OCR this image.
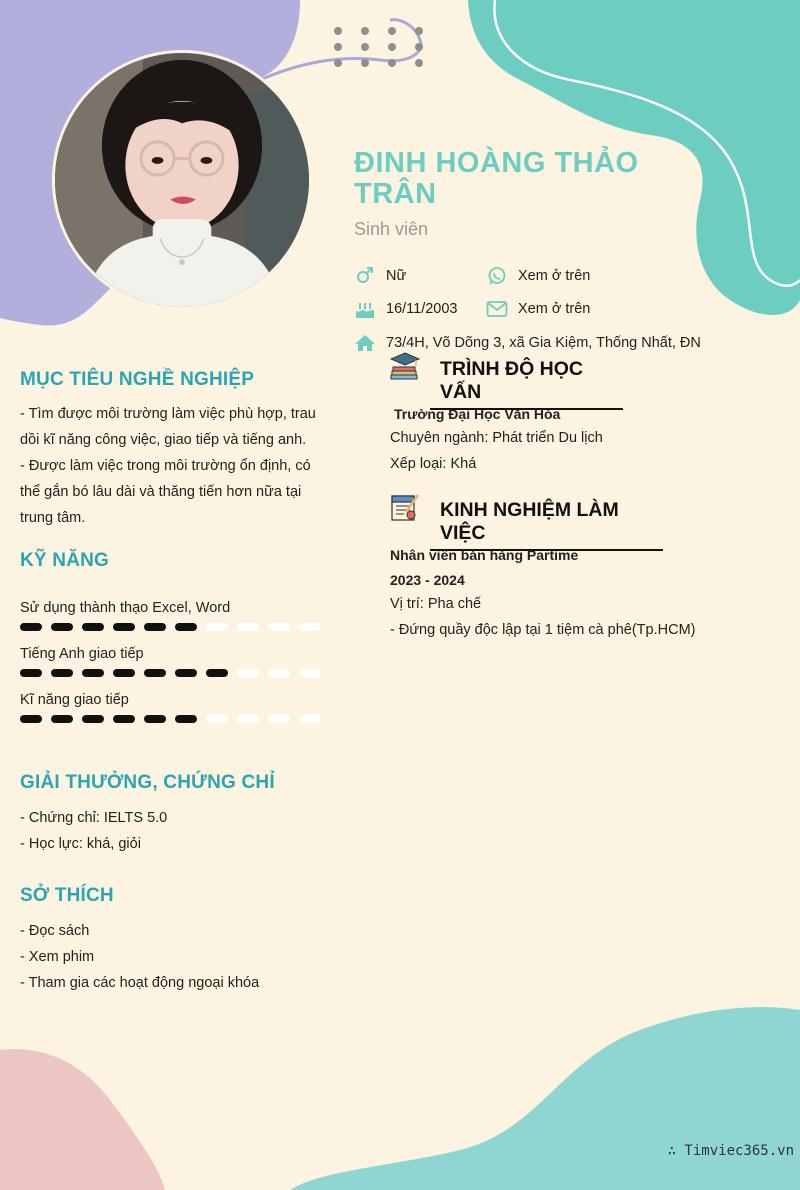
ĐINH HOÀNG THẢO TRÂN
Sinh viên
Nữ	Xem ở trên
16/11/2003	Xem ở trên
73/4H, Võ Dõng 3, xã Gia Kiệm, Thống Nhất, ĐN
MỤC TIÊU NGHỀ NGHIỆP
- Tìm được môi trường làm việc phù hợp, trau
dồi kĩ năng công việc, giao tiếp và tiếng anh.
- Được làm việc trong môi trường ổn định, có
thể gắn bó lâu dài và thăng tiến hơn nữa tại
trung tâm.
KỸ NĂNG
Sử dụng thành thạo Excel, Word
Tiếng Anh giao tiếp
Kĩ năng giao tiếp
GIẢI THƯỞNG, CHỨNG CHỈ
- Chứng chỉ: IELTS 5.0
- Học lực: khá, giỏi
SỞ THÍCH
- Đọc sách
- Xem phim
- Tham gia các hoạt động ngoại khóa
TRÌNH ĐỘ HỌC VẤN
Trường Đại Học Văn Hóa
Chuyên ngành: Phát triển Du lịch
Xếp loại: Khá
KINH NGHIỆM LÀM VIỆC
Nhân viên bán hàng Partime
2023 - 2024
Vị trí: Pha chế
- Đứng quầy độc lập tại 1 tiệm cà phê(Tp.HCM)
∴ Timviec365.vn
